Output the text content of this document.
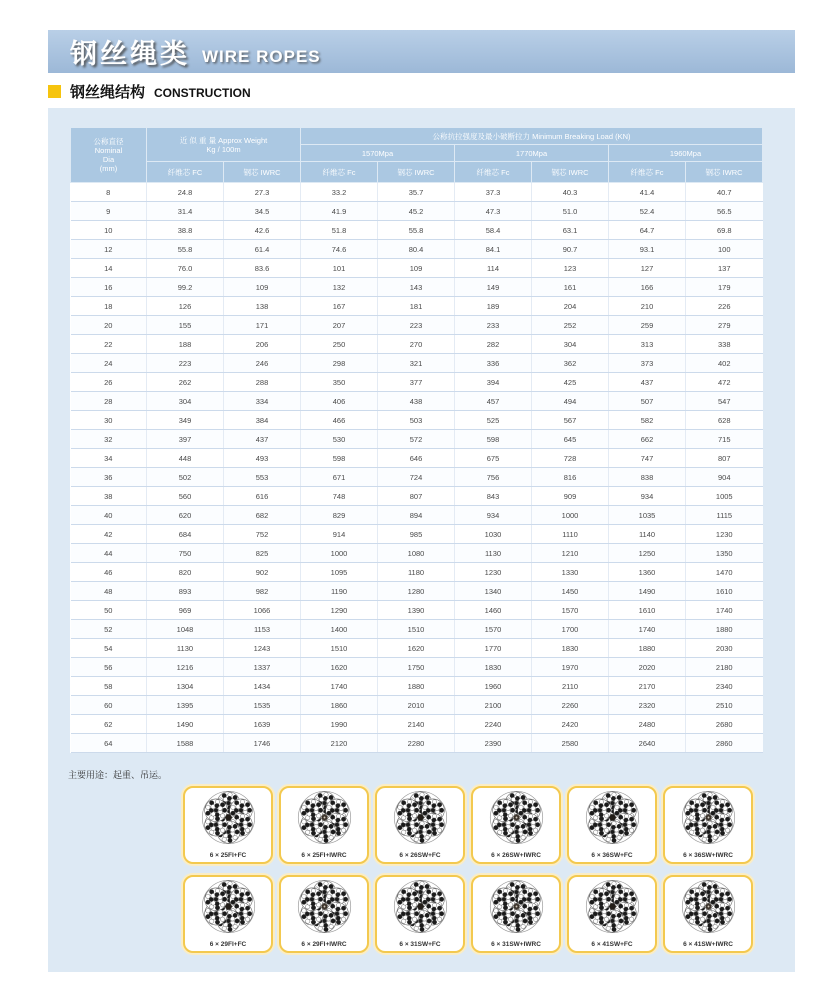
钢丝绳类 WIRE ROPES
钢丝绳结构 CONSTRUCTION
公称直径
Nominal
Dia
(mm)

近 似 重 量 Approx Weight
Kg / 100m
	公称抗拉强度及最小破断拉力 Minimum Breaking Load (KN)
			1570Mpa		1770Mpa		1960Mpa	
	纤维芯 FC	钢芯 IWRC	纤维芯 Fc	钢芯 IWRC	纤维芯 Fc	钢芯 IWRC	纤维芯 Fc	钢芯 IWRC
8	24.8	27.3	33.2	35.7	37.3	40.3	41.4	40.7
9	31.4	34.5	41.9	45.2	47.3	51.0	52.4	56.5
10	38.8	42.6	51.8	55.8	58.4	63.1	64.7	69.8
12	55.8	61.4	74.6	80.4	84.1	90.7	93.1	100
14	76.0	83.6	101	109	114	123	127	137
16	99.2	109	132	143	149	161	166	179
18	126	138	167	181	189	204	210	226
20	155	171	207	223	233	252	259	279
22	188	206	250	270	282	304	313	338
24	223	246	298	321	336	362	373	402
26	262	288	350	377	394	425	437	472
28	304	334	406	438	457	494	507	547
30	349	384	466	503	525	567	582	628
32	397	437	530	572	598	645	662	715
34	448	493	598	646	675	728	747	807
36	502	553	671	724	756	816	838	904
38	560	616	748	807	843	909	934	1005
40	620	682	829	894	934	1000	1035	1115
42	684	752	914	985	1030	1110	1140	1230
44	750	825	1000	1080	1130	1210	1250	1350
46	820	902	1095	1180	1230	1330	1360	1470
48	893	982	1190	1280	1340	1450	1490	1610
50	969	1066	1290	1390	1460	1570	1610	1740
52	1048	1153	1400	1510	1570	1700	1740	1880
54	1130	1243	1510	1620	1770	1830	1880	2030
56	1216	1337	1620	1750	1830	1970	2020	2180
58	1304	1434	1740	1880	1960	2110	2170	2340
60	1395	1535	1860	2010	2100	2260	2320	2510
62	1490	1639	1990	2140	2240	2420	2480	2680
64	1588	1746	2120	2280	2390	2580	2640	2860
主要用途：起重、吊运。
6 × 25FI+FC	6 × 25FI+IWRC	6 × 26SW+FC	6 × 26SW+IWRC	6 × 36SW+FC	6 × 36SW+IWRC
6 × 29FI+FC	6 × 29FI+IWRC	6 × 31SW+FC	6 × 31SW+IWRC	6 × 41SW+FC	6 × 41SW+IWRC
